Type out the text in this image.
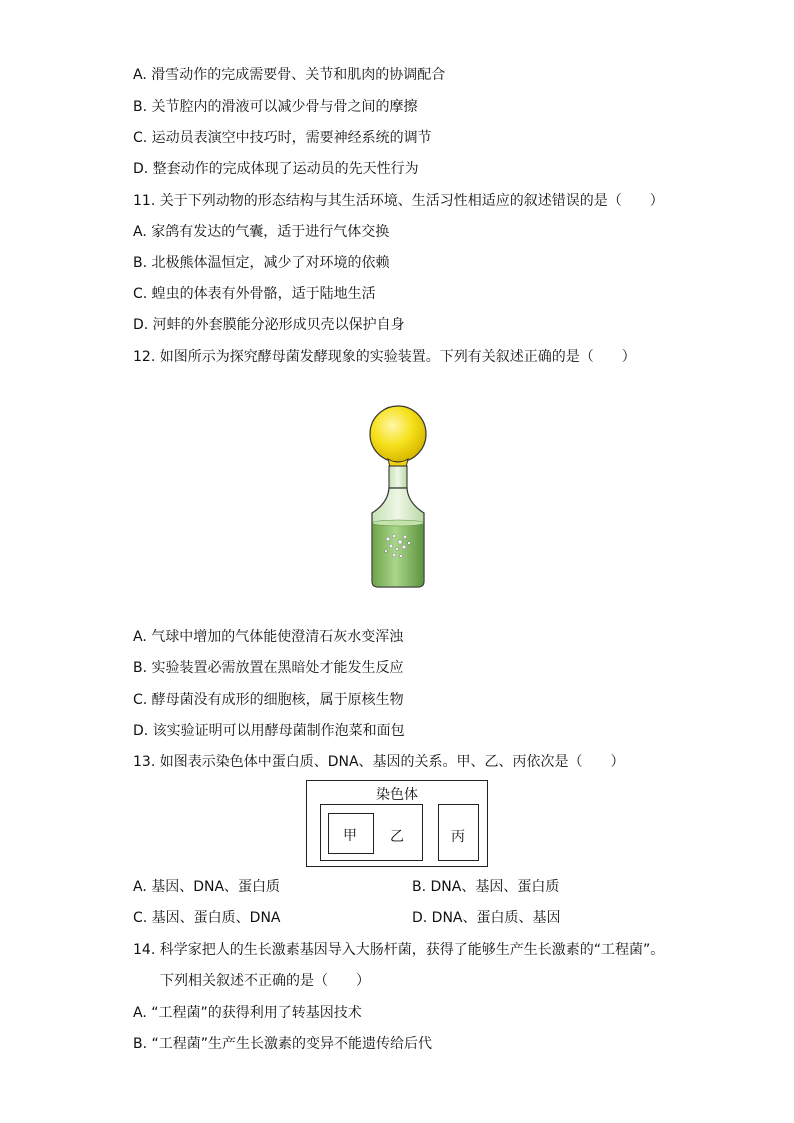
A. 滑雪动作的完成需要骨、关节和肌肉的协调配合
B. 关节腔内的滑液可以减少骨与骨之间的摩擦
C. 运动员表演空中技巧时，需要神经系统的调节
D. 整套动作的完成体现了运动员的先天性行为
11. 关于下列动物的形态结构与其生活环境、生活习性相适应的叙述错误的是（　　）
A. 家鸽有发达的气囊，适于进行气体交换
B. 北极熊体温恒定，减少了对环境的依赖
C. 蝗虫的体表有外骨骼，适于陆地生活
D. 河蚌的外套膜能分泌形成贝壳以保护自身
12. 如图所示为探究酵母菌发酵现象的实验装置。下列有关叙述正确的是（　　）
A. 气球中增加的气体能使澄清石灰水变浑浊
B. 实验装置必需放置在黑暗处才能发生反应
C. 酵母菌没有成形的细胞核，属于原核生物
D. 该实验证明可以用酵母菌制作泡菜和面包
13. 如图表示染色体中蛋白质、DNA、基因的关系。甲、乙、丙依次是（　　）
染色体
甲 乙	丙
A. 基因、DNA、蛋白质	B. DNA、基因、蛋白质
C. 基因、蛋白质、DNA	D. DNA、蛋白质、基因
14. 科学家把人的生长激素基因导入大肠杆菌，获得了能够生产生长激素的“工程菌”。
下列相关叙述不正确的是（　　）
A. “工程菌”的获得利用了转基因技术
B. “工程菌”生产生长激素的变异不能遗传给后代
